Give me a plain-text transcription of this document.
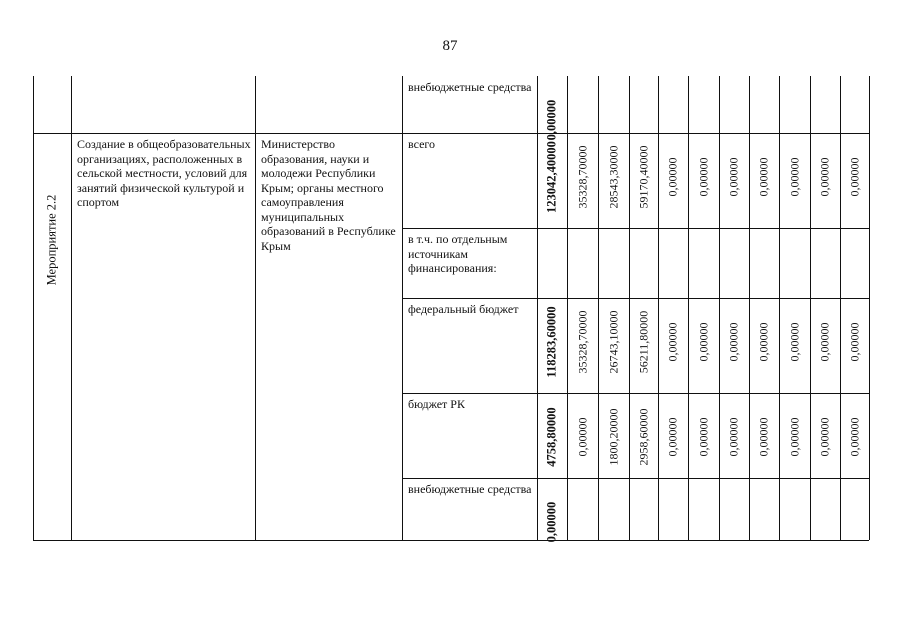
87
Мероприятие 2.2
Создание в общеобразовательных организациях, расположенных в сельской местности, условий для занятий физической культурой и спортом
Министерство образования, науки и молодежи Республики Крым; органы местного самоуправления муниципальных образований в Республике Крым
внебюджетные средства
0,00000
всего	123042,40000 35328,70000 28543,30000 59170,40000 0,00000 0,00000 0,00000 0,00000 0,00000 0,00000 0,00000
в т.ч. по отдельным источникам финансирования:
федеральный бюджет	118283,60000 35328,70000 26743,10000 56211,80000 0,00000 0,00000 0,00000 0,00000 0,00000 0,00000 0,00000
бюджет РК
4758,80000 0,00000 1800,20000 2958,60000 0,00000 0,00000 0,00000 0,00000 0,00000 0,00000 0,00000
внебюджетные средства
0,00000
